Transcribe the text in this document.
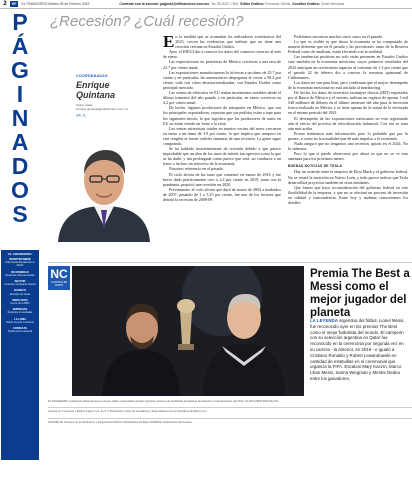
2	EF	EL FINANCIERO Martes 28 de Febrero 2023	Comente con la sección: pagina2@elfinanciero.com.mx Tel. 55-5227-7600 Editor Gráfico: Fernando Vilchis Coeditor Gráfico: Zuriel Mendoza
P
Á
G
I
N
A
D
O
S
EL FINANCIERO
INCERTIDUMBRE
Pide Hacienda atender el déficit
DE MONEDAS
Reservas internacionales
SECTOR
Inversión extranjera directa
BANXICO
Decisión de tasas
MERCADOS
Cierre de la BMV
EMPRESAS
Reportes trimestrales
LA LOMA
Sobre el peso mexicano
CONSULTA
Suplemento especial
¿Recesión? ¿Cuál recesión?
COORDENADAS
Enrique
Quintana
Opine usted:
enrique.quintana@elfinanciero.com.mx
@E_Q_

En la medida que se acumulan los indicadores económicos del 2023, crecen las evidencias que indican que no tiene una recesión cercana en Estados Unidos.

Ayer, el INEGI dio a conocer los datos del comercio exterior al mes de enero.

Las exportaciones no petroleras de México crecieron a una tasa de 22.7 por ciento anual.

Las exportaciones manufactureras lo hicieron a un ritmo de 25.7 por ciento y en particular, las automotrices despegaron al crecer a 58.2 por ciento, todo con cifras desestacionalizadas, con Estados Unidos como principal mercado.

Las ventas de vehículos en EU tenían incrementos notables desde el último trimestre del año pasado y en particular, en enero crecieron en 4.2 por ciento anual.

De hecho, algunos productores de autopartes en México, que son los principales exportadores, reportan que sus pedidos están a tope para los siguientes meses, lo que significa que los productores de autos en EU no están viendo un freno a la vista.

Las ventas minoristas totales en nuestro vecino del norte crecieron en enero a un ritmo de 3.9 por ciento, lo que implica que tampoco en este renglón se hacen visibles síntomas de una recesión. La gente sigue comprando.

Se ha hablado insistentemente de recesión debido a que parece improbable que un alza de las tasas de interés tan agresiva como la que se ha dado, y tan prolongada como parece que será, no conduzca a un freno o incluso un retroceso de la economía.

Nosotros referencio en el pasado.

El ciclo alcista de las tasas que comenzó en marzo de 2016 y fue breve dado prácticamente cero a 2.4 por ciento en 2019, junto con la pandemia, propició una recesión en 2020.

Previamente, el ciclo alcista que duró de marzo de 2004 a mediados de 2007, pasando de 1 a 5.25 por ciento, fue uno de los factores que detonó la recesión de 2008-09.

Podríamos encontrar muchos otros casos en el pasado.

Lo que es visible es que ahora la economía se ha comportado de manera diferente que en el pasado y las previsiones, tanto de la Reserva Federal como de analistas, están elevando con la realidad.

Las tendencias positivas no solo están presentes en Estados Unidos sino también en la economía mexicana, cuyos primeros resultados del 2023 anticipan un crecimiento superior al consenso de 1.3 por ciento que el pasado 22 de febrero dio a conocer la encuesta quincenal de Citibanamex.

Los datos no son para bien, pero confirman que el mayor desempeño de la economía mexicana no está anclado al nearshoring.

De hecho, los datos de inversión extranjera directa (IED) reportados por el Banco de México y el viernes, indican un registro de apenas 1 mil 548 millones de dólares en el último trimestre del año para la inversión fresca realizada en México y se tiene apenas de la mitad de la efectuada en el mismo periodo del 2021.

El desempeño de las exportaciones mexicanas no está registrando aún el efecto del proceso de relocalización industrial. Con ese se trata aún más arriba.

Pronto tendremos más información, pero lo probable que por lo pronto, a como en la actualidad que de más impulso a la economía.

Nada asegura que no tengamos una recesión, quizás en el 2024. No lo sabemos.

Pero lo que sí puede observarse por ahora es que no se ve esta amenaza para los próximos meses.

BUENAS NOTICIAS DE TESLA

Hay un acuerdo entre la empresa de Elon Musk y el gobierno federal. No se vetará la inversión en Nuevo León, y todo parece indicar que Tesla desarrollará proyectos también en otras entidades.

Que bueno que haya reconsideración del gobierno federal en este flexibilidad de la empresa, y que no se afectará un proceso de inversión en calidad y trascendencia. Entre hoy y mañana conoceremos los detalles.

NC
LA NOTICIA EN CORTO
Premia The Best a Messi como el mejor jugador del planeta
LA LEYENDA argentina del fútbol, Lionel Messi, fue reconocido ayer en los premios The Best como el mejor futbolista del mundo. El campeón con su selección argentina en Qatar fue reconocido en la ceremonia por segunda vez en su carrera - la anterior, en 2019 - e igualó a Cristiano Ronaldo y Robert Lewandowski en cantidad de estatuillas en el ceremonial que organiza la FIFA. Escaloni Mary Kaczm, Marco Lilian Messi, Sarina Wiegman y Mestre Dedeu entre los ganadores.
EL FINANCIERO, publicación diaria de lunes a viernes. Editor responsable: Enrique Quintana. Número de Certificado de Reserva de Derechos al Uso Exclusivo del Título: 04-2014-080413181400-101.
Impresa en: Impresora y Editora Infagon S.A. de C.V. Distribuidor: Unión de Voceadores y Expendedores de los Periódicos de México A.C.
NOROESTE: Noroeste de la Distribución y Equipamiento BAJÍO: Distribuidora del Bajío SURESTE: Distribuidora del Sureste
